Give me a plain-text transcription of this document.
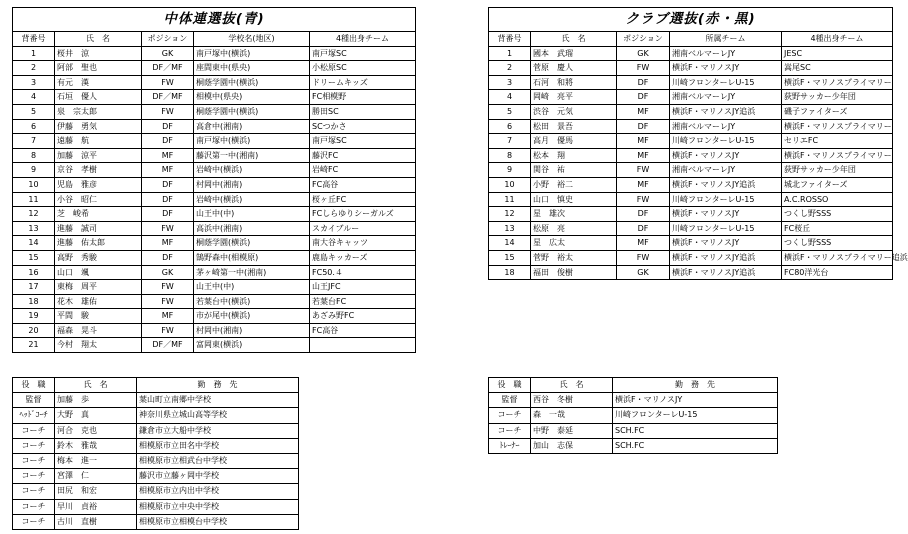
中体連選抜(青)				
背番号	氏　名	ポジション	学校名(地区)	4種出身チーム
1	桜井　涼	GK	南戸塚中(横浜)	南戸塚SC
2	阿部　聖也	DF／MF	座間東中(県央)	小松原SC
3	有元　漢	FW	桐蔭学園中(横浜)	ドリームキッズ
4	石垣　優人	DF／MF	相模中(県央)	FC相模野
5	泉　宗太郎	FW	桐蔭学園中(横浜)	勝田SC
6	伊藤　勇気	DF	高倉中(湘南)	SCつかさ
7	遠藤　航	DF	南戸塚中(横浜)	南戸塚SC
8	加藤　涼平	MF	藤沢第一中(湘南)	藤沢FC
9	京谷　孝樹	MF	岩崎中(横浜)	岩崎FC
10	児島　雅彦	DF	村岡中(湘南)	FC高谷
11	小谷　昭仁	DF	岩崎中(横浜)	桜ヶ丘FC
12	芝　峻希	DF	山王中(中)	FCしらゆりシーガルズ
13	進藤　誠司	FW	高浜中(湘南)	スカイブルー
14	進藤　佑太郎	MF	桐蔭学園(横浜)	南大谷キャッツ
15	高野　秀駿	DF	鵠野森中(相模原)	鹿島キッカーズ
16	山口　颯	GK	茅ヶ崎第一中(湘南)	FC50.４
17	東梅　周平	FW	山王中(中)	山王JFC
18	花木　雄佑	FW	若葉台中(横浜)	若葉台FC
19	平間　駿	MF	市が尾中(横浜)	あざみ野FC
20	福森　晃斗	FW	村岡中(湘南)	FC高谷
21	今村　翔太	DF／MF	富岡東(横浜)	
クラブ選抜(赤・黒)				
背番号	氏　名	ポジション	所属チーム	4種出身チーム
1	國本　武瑠	GK	湘南ベルマーレJY	JESC
2	菅原　慶人	FW	横浜F・マリノスJY	嵩尾SC
3	石河　和將	DF	川崎フロンターレU-15	横浜F・マリノスプライマリー
4	岡崎　亮平	DF	湘南ベルマーレJY	荻野サッカー少年団
5	渋谷　元気	MF	横浜F・マリノスJY追浜	磯子ファイターズ
6	松田　景吾	DF	湘南ベルマーレJY	横浜F・マリノスプライマリー
7	高月　優馬	MF	川崎フロンターレU-15	セリエFC
8	松本　翔	MF	横浜F・マリノスJY	横浜F・マリノスプライマリー
9	関谷　祐	FW	湘南ベルマーレJY	荻野サッカー少年団
10	小野　裕二	MF	横浜F・マリノスJY追浜	城北ファイターズ
11	山口　慎史	FW	川崎フロンターレU-15	A.C.ROSSO
12	星　雄次	DF	横浜F・マリノスJY	つくし野SSS
13	松原　亮	DF	川崎フロンターレU-15	FC桜丘
14	星　広太	MF	横浜F・マリノスJY	つくし野SSS
15	菅野　裕太	FW	横浜F・マリノスJY追浜	横浜F・マリノスプライマリー追浜
18	福田　俊樹	GK	横浜F・マリノスJY追浜	FC80洋光台
役　職	氏　名	勤　務　先
監督	加藤　歩	葉山町立南郷中学校
ﾍｯﾄﾞｺｰﾁ	大野　真	神奈川県立城山高等学校
コーチ	河合　克也	鎌倉市立大船中学校
コーチ	鈴木　雅哉	相模原市立田名中学校
コーチ	梅本　進一	相模原市立相武台中学校
コーチ	宮澤　仁	藤沢市立藤ヶ岡中学校
コーチ	田尻　和宏	相模原市立内出中学校
コーチ	早川　貞裕	相模原市立中央中学校
コーチ	古川　直樹	相模原市立相模台中学校
役　職	氏　名	勤　務　先
監督	西谷　冬樹	横浜F・マリノスJY
コーチ	森　一哉	川崎フロンターレU-15
コーチ	中野　泰延	SCH.FC
ﾄﾚｰﾅｰ	加山　志保	SCH.FC
